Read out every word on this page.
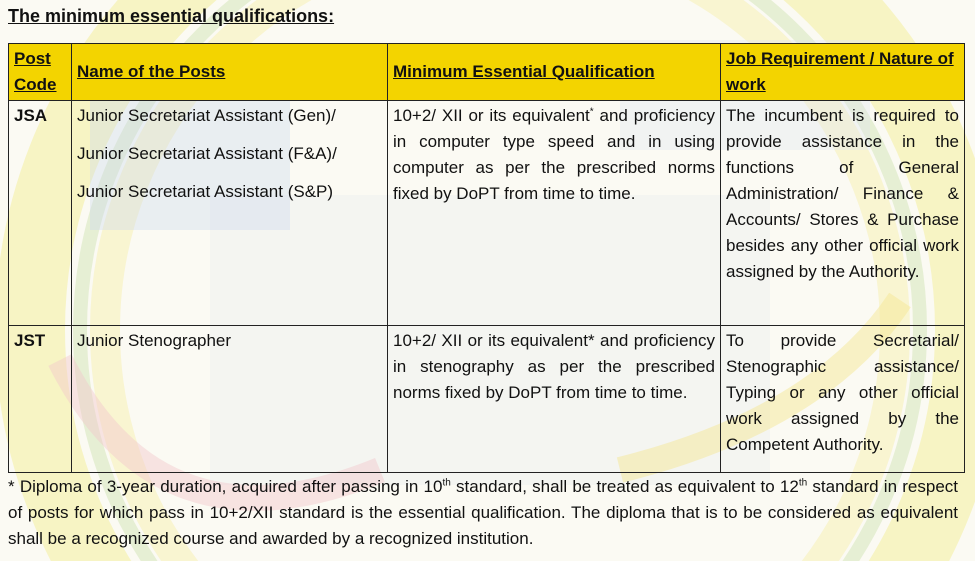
The minimum essential qualifications:

Post Code	Name of the Posts	Minimum Essential Qualification	Job Requirement / Nature of work
JSA	Junior Secretariat Assistant (Gen)/

Junior Secretariat Assistant (F&A)/

Junior Secretariat Assistant (S&P)	10+2/ XII or its equivalent* and proficiency in computer type speed and in using computer as per the prescribed norms fixed by DoPT from time to time.	The incumbent is required to provide assistance in the functions of General Administration/ Finance & Accounts/ Stores & Purchase besides any other official work assigned by the Authority.
JST	Junior Stenographer	10+2/ XII or its equivalent* and proficiency in stenography as per the prescribed norms fixed by DoPT from time to time.	To provide Secretarial/ Stenographic assistance/ Typing or any other official work assigned by the Competent Authority.

* Diploma of 3-year duration, acquired after passing in 10th standard, shall be treated as equivalent to 12th standard in respect of posts for which pass in 10+2/XII standard is the essential qualification. The diploma that is to be considered as equivalent shall be a recognized course and awarded by a recognized institution.
